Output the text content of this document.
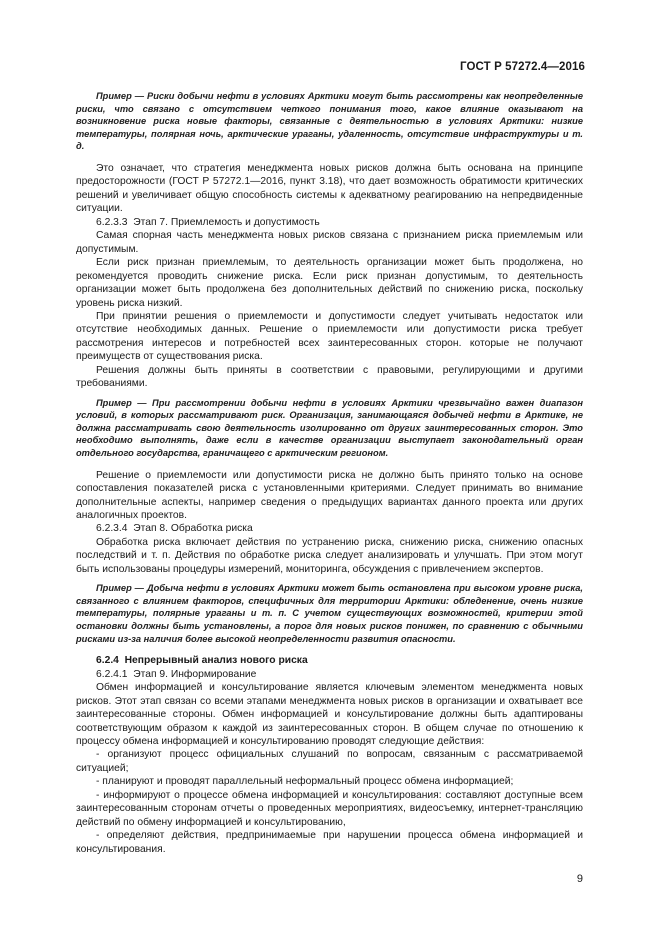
ГОСТ Р 57272.4—2016

Пример — Риски добычи нефти в условиях Арктики могут быть рассмотрены как неопределенные риски, что связано с отсутствием четкого понимания того, какое влияние оказывают на возникновение риска новые факторы, связанные с деятельностью в условиях Арктики: низкие температуры, полярная ночь, арктические ураганы, удаленность, отсутствие инфраструктуры и т. д.

Это означает, что стратегия менеджмента новых рисков должна быть основана на принципе предосторожности (ГОСТ Р 57272.1—2016, пункт 3.18), что дает возможность обратимости критических решений и увеличивает общую способность системы к адекватному реагированию на непредвиденные ситуации.

6.2.3.3  Этап 7. Приемлемость и допустимость

Самая спорная часть менеджмента новых рисков связана с признанием риска приемлемым или допустимым.

Если риск признан приемлемым, то деятельность организации может быть продолжена, но рекомендуется проводить снижение риска. Если риск признан допустимым, то деятельность организации может быть продолжена без дополнительных действий по снижению риска, поскольку уровень риска низкий.

При принятии решения о приемлемости и допустимости следует учитывать недостаток или отсутствие необходимых данных. Решение о приемлемости или допустимости риска требует рассмотрения интересов и потребностей всех заинтересованных сторон. которые не получают преимуществ от существования риска.

Решения должны быть приняты в соответствии с правовыми, регулирующими и другими требованиями.

Пример — При рассмотрении добычи нефти в условиях Арктики чрезвычайно важен диапазон условий, в которых рассматривают риск. Организация, занимающаяся добычей нефти в Арктике, не должна рассматривать свою деятельность изолированно от других заинтересованных сторон. Это необходимо выполнять, даже если в качестве организации выступает законодательный орган отдельного государства, граничащего с арктическим регионом.

Решение о приемлемости или допустимости риска не должно быть принято только на основе сопоставления показателей риска с установленными критериями. Следует принимать во внимание дополнительные аспекты, например сведения о предыдущих вариантах данного проекта или других аналогичных проектов.

6.2.3.4  Этап 8. Обработка риска

Обработка риска включает действия по устранению риска, снижению риска, снижению опасных последствий и т. п. Действия по обработке риска следует анализировать и улучшать. При этом могут быть использованы процедуры измерений, мониторинга, обсуждения с привлечением экспертов.

Пример — Добыча нефти в условиях Арктики может быть остановлена при высоком уровне риска, связанного с влиянием факторов, специфичных для территории Арктики: обледенение, очень низкие температуры, полярные ураганы и т. п. С учетом существующих возможностей, критерии этой остановки должны быть установлены, а порог для новых рисков понижен, по сравнению с обычными рисками из-за наличия более высокой неопределенности развития опасности.

6.2.4  Непрерывный анализ нового риска

6.2.4.1  Этап 9. Информирование

Обмен информацией и консультирование является ключевым элементом менеджмента новых рисков. Этот этап связан со всеми этапами менеджмента новых рисков в организации и охватывает все заинтересованные стороны. Обмен информацией и консультирование должны быть адаптированы соответствующим образом к каждой из заинтересованных сторон. В общем случае по отношению к процессу обмена информацией и консультированию проводят следующие действия:

- организуют процесс официальных слушаний по вопросам, связанным с рассматриваемой ситуацией;

- планируют и проводят параллельный неформальный процесс обмена информацией;

- информируют о процессе обмена информацией и консультирования: составляют доступные всем заинтересованным сторонам отчеты о проведенных мероприятиях, видеосъемку, интернет-трансляцию действий по обмену информацией и консультированию,

- определяют действия, предпринимаемые при нарушении процесса обмена информацией и консультирования.

9
